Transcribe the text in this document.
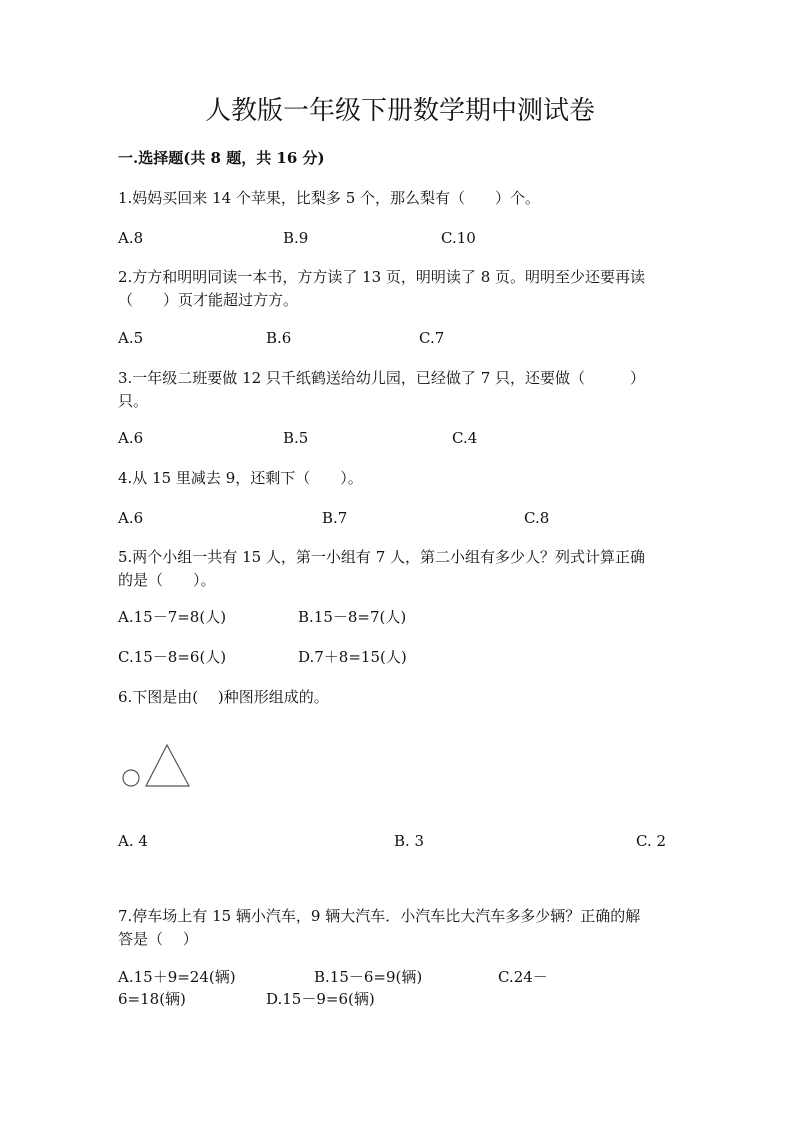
人教版一年级下册数学期中测试卷
一.选择题(共 8 题，共 16 分)
1.妈妈买回来 14 个苹果，比梨多 5 个，那么梨有（　　）个。
A.8	B.9	C.10
2.方方和明明同读一本书，方方读了 13 页，明明读了 8 页。明明至少还要再读
（　　）页才能超过方方。
A.5	B.6	C.7
3.一年级二班要做 12 只千纸鹤送给幼儿园，已经做了 7 只，还要做（　　　）
只。
A.6	B.5	C.4
4.从 15 里减去 9，还剩下（　　）。
A.6	B.7	C.8
5.两个小组一共有 15 人，第一小组有 7 人，第二小组有多少人？列式计算正确
的是（　　）。
A.15－7=8(人)	B.15－8=7(人)
C.15－8=6(人)	D.7＋8=15(人)
6.下图是由(　 )种图形组成的。
A. 4	B. 3	C. 2
7.停车场上有 15 辆小汽车，9 辆大汽车．小汽车比大汽车多多少辆？正确的解
答是（　 ）
A.15＋9=24(辆)	B.15－6=9(辆)	C.24－
6=18(辆)	D.15－9=6(辆)
